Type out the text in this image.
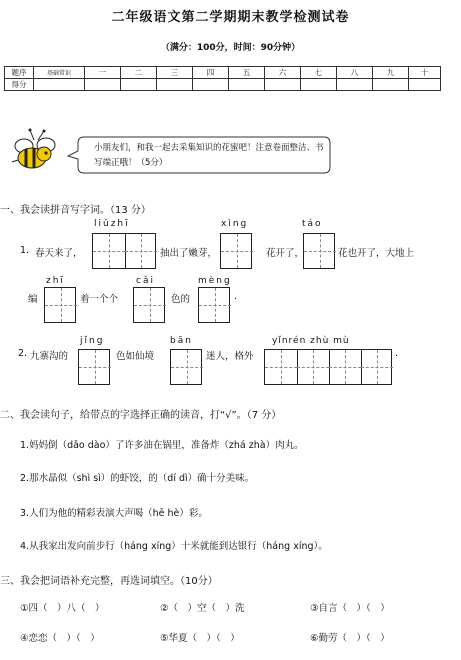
二年级语文第二学期期末教学检测试卷
（满分：100分，时间：90分钟）
题序	基础常识	一	二	三	四	五	六	七	八	九	十
得分											
小朋友们，和我一起去采集知识的花蜜吧！注意卷面整洁、书写端正哦！（5分）
一、我会读拼音写字词。（13 分）
liǔzhī	xìng	táo
1. 春天来了，	抽出了嫩芽，	花开了，	花也开了，大地上
zhī	cǎi	mèng
编	着一个个	色的	.
jǐng	bān	yǐnrén zhù mù
2. 九寨沟的	色如仙境	迷人，格外	.
二、我会读句子，给带点的字选择正确的读音，打“√”。（7 分）
1.妈妈倒（dǎo dào）了许多油在锅里，准备炸（zhá zhà）肉丸。
2.那水晶似（shì sì）的虾饺，的（dí dì）确十分美味。
3.人们为他的精彩表演大声喝（hē hè）彩。
4.从我家出发向前步行（háng xíng）十米就能到达银行（háng xíng）。
三、我会把词语补充完整，再选词填空。（10分）
①四（　）八（　）	②（　）空（　）洗	③自言（　）（　）
④恋恋（　）（　）	⑤华夏（　）（　）	⑥勤劳（　）（　）
